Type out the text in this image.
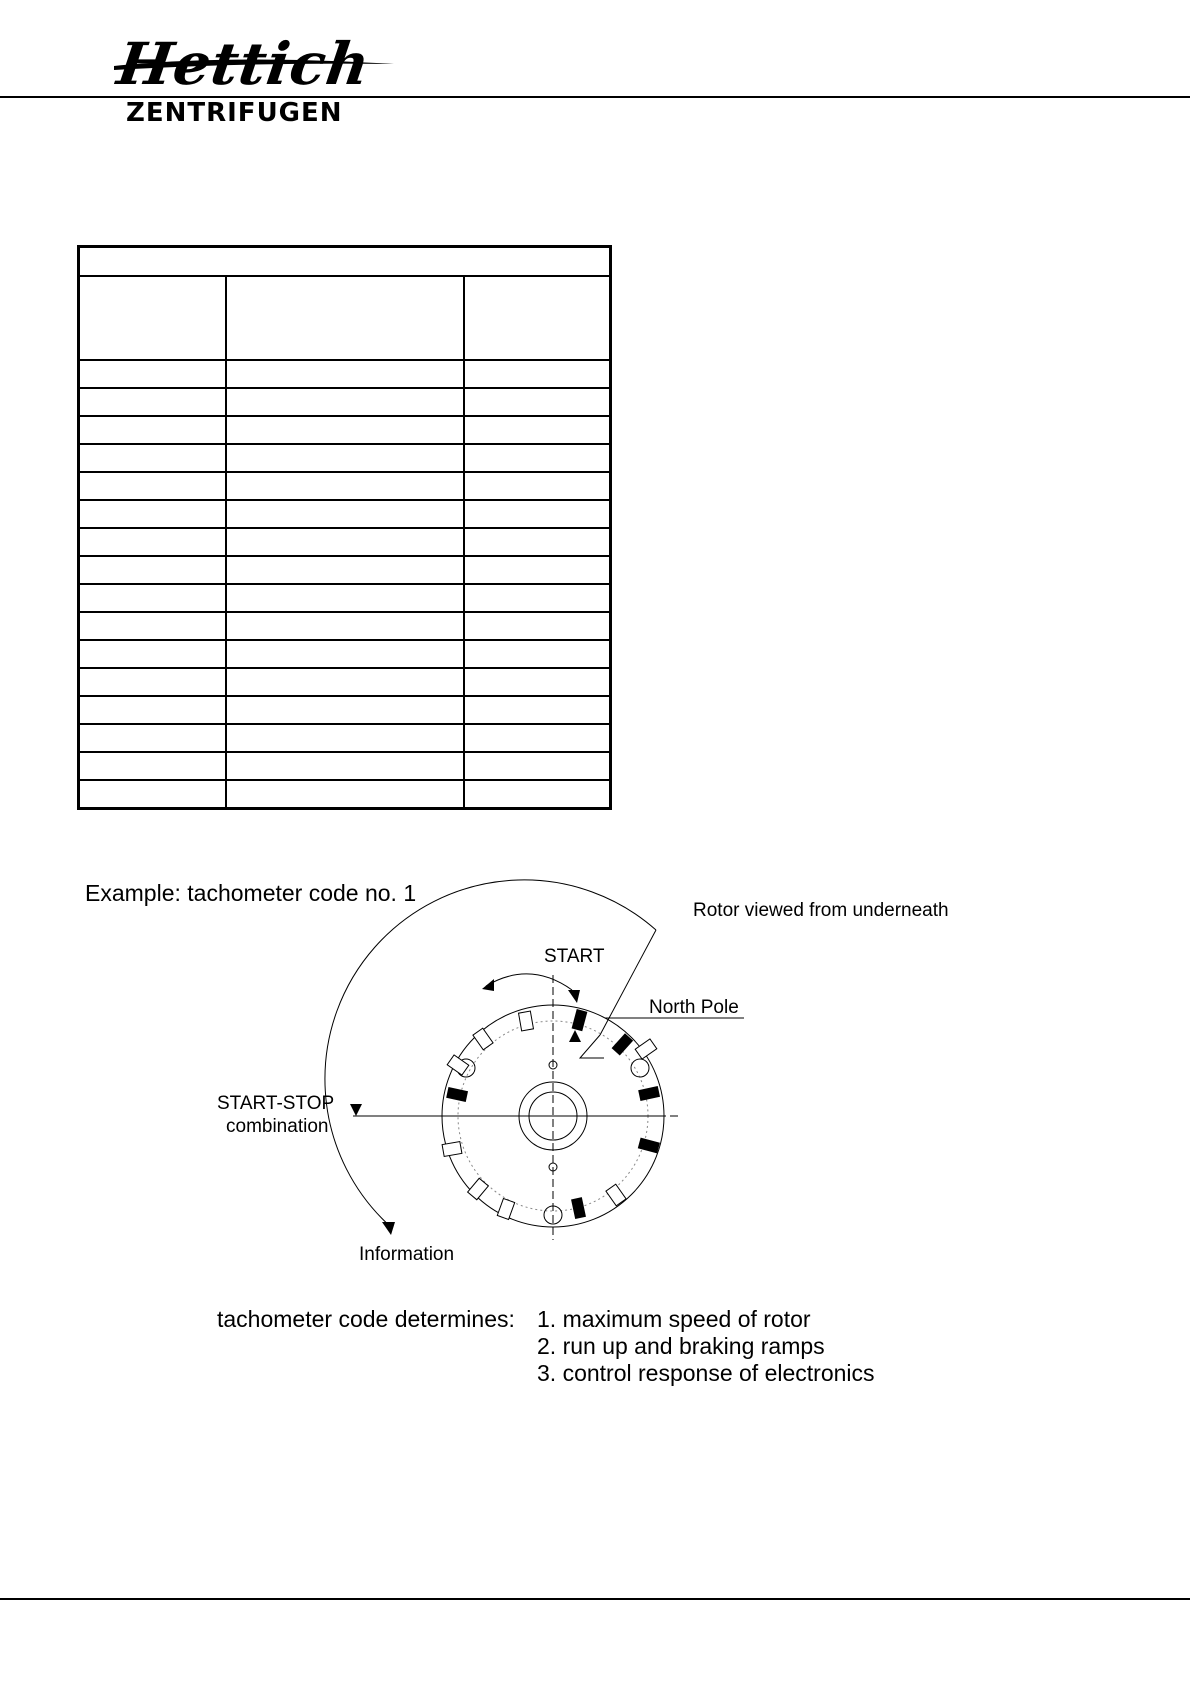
Hettich
ZENTRIFUGEN

Example: tachometer code no. 1
Rotor viewed from underneath
START
North Pole
START-STOP
combination
Information
tachometer code determines: 1. maximum speed of rotor
2. run up and braking ramps
3. control response of electronics
